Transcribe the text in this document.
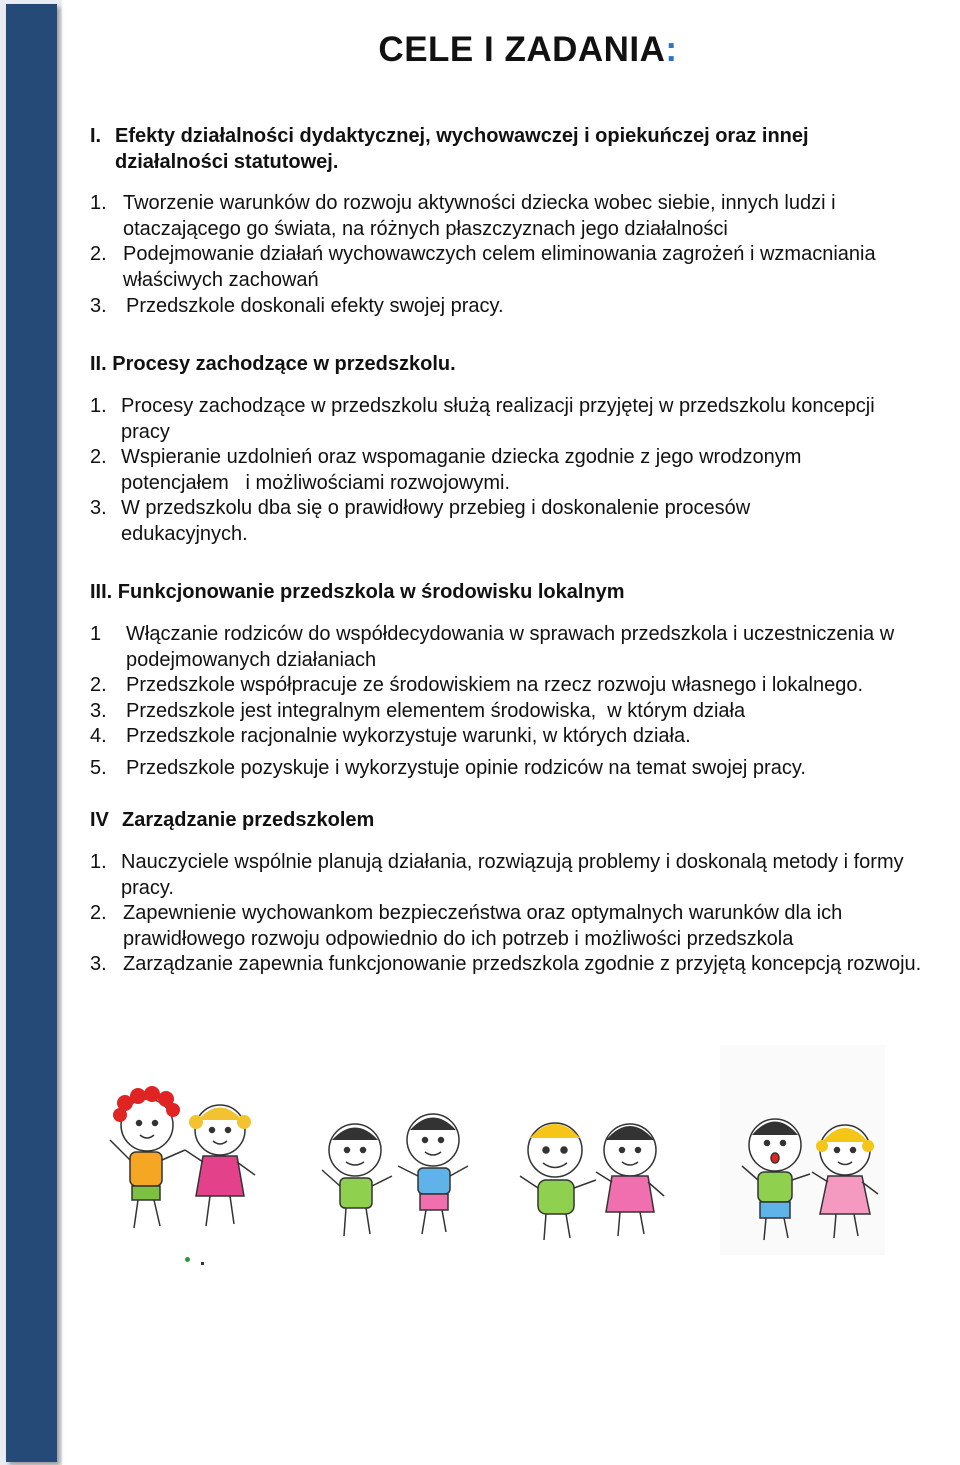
CELE I ZADANIA:
I. Efekty działalności dydaktycznej, wychowawczej i opiekuńczej oraz innej działalności statutowej.
1. Tworzenie warunków do rozwoju aktywności dziecka wobec siebie, innych ludzi i otaczającego go świata, na różnych płaszczyznach jego działalności
2. Podejmowanie działań wychowawczych celem eliminowania zagrożeń i wzmacniania właściwych zachowań
3. Przedszkole doskonali efekty swojej pracy.
II. Procesy zachodzące w przedszkolu.
1. Procesy zachodzące w przedszkolu służą realizacji przyjętej w przedszkolu koncepcji pracy
2. Wspieranie uzdolnień oraz wspomaganie dziecka zgodnie z jego wrodzonym potencjałem   i możliwościami rozwojowymi.
3. W przedszkolu dba się o prawidłowy przebieg i doskonalenie procesów edukacyjnych.
III. Funkcjonowanie przedszkola w środowisku lokalnym
1 Włączanie rodziców do współdecydowania w sprawach przedszkola i uczestniczenia w  podejmowanych działaniach
2. Przedszkole współpracuje ze środowiskiem na rzecz rozwoju własnego i lokalnego.
3. Przedszkole jest integralnym elementem środowiska,  w którym działa
4. Przedszkole racjonalnie wykorzystuje warunki, w których działa.
5. Przedszkole pozyskuje i wykorzystuje opinie rodziców na temat swojej pracy.
IV Zarządzanie przedszkolem
1. Nauczyciele wspólnie planują działania, rozwiązują problemy i doskonalą metody i formy pracy.
2. Zapewnienie wychowankom bezpieczeństwa oraz optymalnych warunków dla ich prawidłowego rozwoju odpowiednio do ich potrzeb i możliwości przedszkola
3. Zarządzanie zapewnia funkcjonowanie przedszkola zgodnie z przyjętą koncepcją rozwoju.
